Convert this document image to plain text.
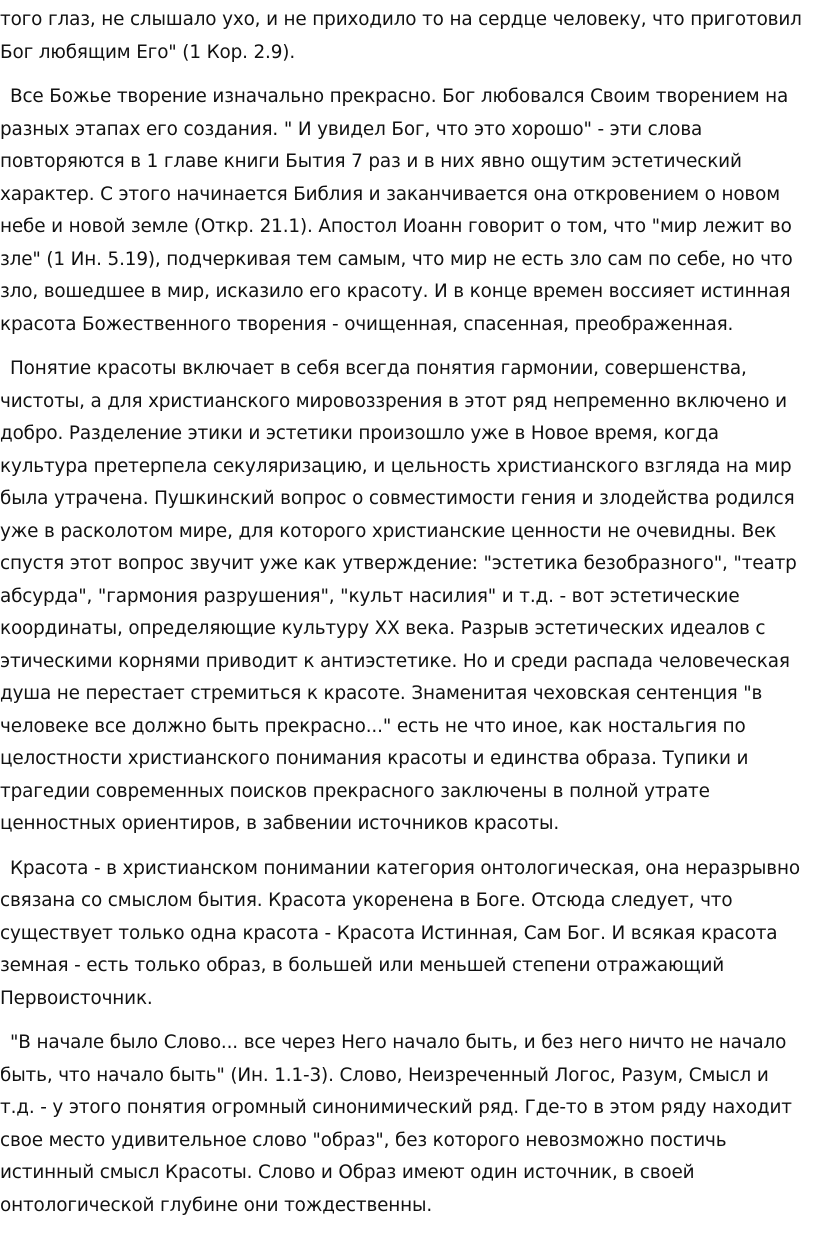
того глаз, не слышало ухо, и не приходило то на сердце человеку, что приготовил Бог любящим Его" (1 Кор. 2.9).

Все Божье творение изначально прекрасно. Бог любовался Своим творением на разных этапах его создания. " И увидел Бог, что это хорошо" - эти слова повторяются в 1 главе книги Бытия 7 раз и в них явно ощутим эстетический характер. С этого начинается Библия и заканчивается она откровением о новом небе и новой земле (Откр. 21.1). Апостол Иоанн говорит о том, что "мир лежит во зле" (1 Ин. 5.19), подчеркивая тем самым, что мир не есть зло сам по себе, но что зло, вошедшее в мир, исказило его красоту. И в конце времен воссияет истинная красота Божественного творения - очищенная, спасенная, преображенная.

Понятие красоты включает в себя всегда понятия гармонии, совершенства, чистоты, а для христианского мировоззрения в этот ряд непременно включено и добро. Разделение этики и эстетики произошло уже в Новое время, когда культура претерпела секуляризацию, и цельность христианского взгляда на мир была утрачена. Пушкинский вопрос о совместимости гения и злодейства родился уже в расколотом мире, для которого христианские ценности не очевидны. Век спустя этот вопрос звучит уже как утверждение: "эстетика безобразного", "театр абсурда", "гармония разрушения", "культ насилия" и т.д. - вот эстетические координаты, определяющие культуру XX века. Разрыв эстетических идеалов с этическими корнями приводит к антиэстетике. Но и среди распада человеческая душа не перестает стремиться к красоте. Знаменитая чеховская сентенция "в человеке все должно быть прекрасно..." есть не что иное, как ностальгия по целостности христианского понимания красоты и единства образа. Тупики и трагедии современных поисков прекрасного заключены в полной утрате ценностных ориентиров, в забвении источников красоты.

Красота - в христианском понимании категория онтологическая, она неразрывно связана со смыслом бытия. Красота укоренена в Боге. Отсюда следует, что существует только одна красота - Красота Истинная, Сам Бог. И всякая красота земная - есть только образ, в большей или меньшей степени отражающий Первоисточник.

"В начале было Слово... все через Него начало быть, и без него ничто не начало быть, что начало быть" (Ин. 1.1-3). Слово, Неизреченный Логос, Разум, Смысл и т.д. - у этого понятия огромный синонимический ряд. Где-то в этом ряду находит свое место удивительное слово "образ", без которого невозможно постичь истинный смысл Красоты. Слово и Образ имеют один источник, в своей онтологической глубине они тождественны.
